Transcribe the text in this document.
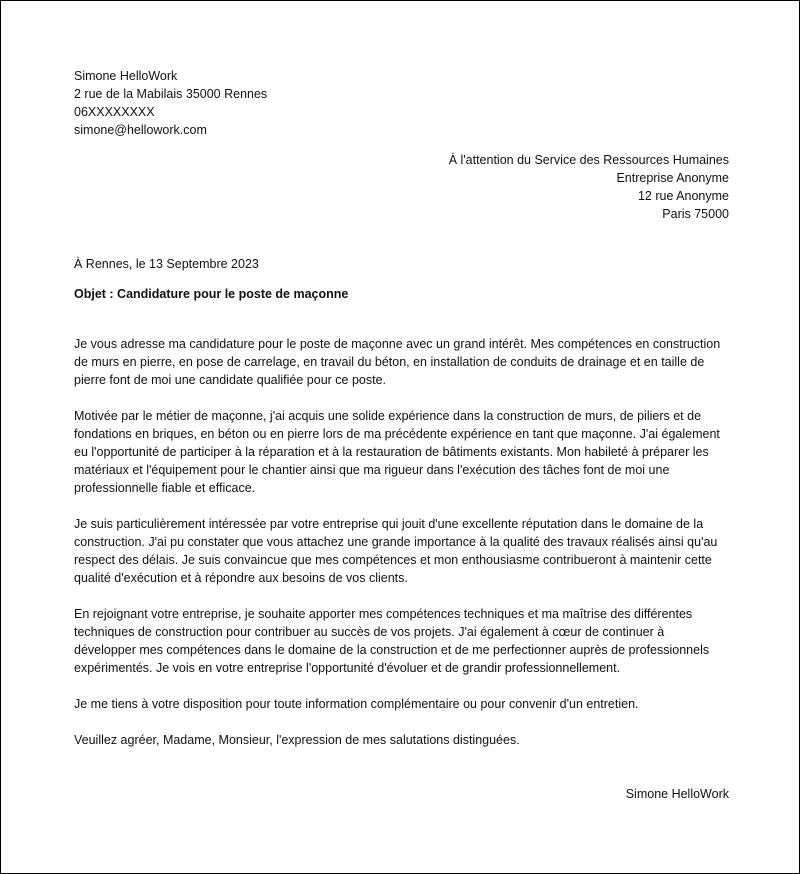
Simone HelloWork
2 rue de la Mabilais 35000 Rennes
06XXXXXXXX
simone@hellowork.com
À l'attention du Service des Ressources Humaines
Entreprise Anonyme
12 rue Anonyme
Paris 75000
À Rennes, le 13 Septembre 2023
Objet : Candidature pour le poste de maçonne

Je vous adresse ma candidature pour le poste de maçonne avec un grand intérêt. Mes compétences en construction de murs en pierre, en pose de carrelage, en travail du béton, en installation de conduits de drainage et en taille de pierre font de moi une candidate qualifiée pour ce poste.

Motivée par le métier de maçonne, j'ai acquis une solide expérience dans la construction de murs, de piliers et de fondations en briques, en béton ou en pierre lors de ma précédente expérience en tant que maçonne. J'ai également eu l'opportunité de participer à la réparation et à la restauration de bâtiments existants. Mon habileté à préparer les matériaux et l'équipement pour le chantier ainsi que ma rigueur dans l'exécution des tâches font de moi une professionnelle fiable et efficace.

Je suis particulièrement intéressée par votre entreprise qui jouit d'une excellente réputation dans le domaine de la construction. J'ai pu constater que vous attachez une grande importance à la qualité des travaux réalisés ainsi qu'au respect des délais. Je suis convaincue que mes compétences et mon enthousiasme contribueront à maintenir cette qualité d'exécution et à répondre aux besoins de vos clients.

En rejoignant votre entreprise, je souhaite apporter mes compétences techniques et ma maîtrise des différentes techniques de construction pour contribuer au succès de vos projets. J'ai également à cœur de continuer à développer mes compétences dans le domaine de la construction et de me perfectionner auprès de professionnels expérimentés. Je vois en votre entreprise l'opportunité d'évoluer et de grandir professionnellement.

Je me tiens à votre disposition pour toute information complémentaire ou pour convenir d'un entretien.

Veuillez agréer, Madame, Monsieur, l'expression de mes salutations distinguées.

Simone HelloWork
